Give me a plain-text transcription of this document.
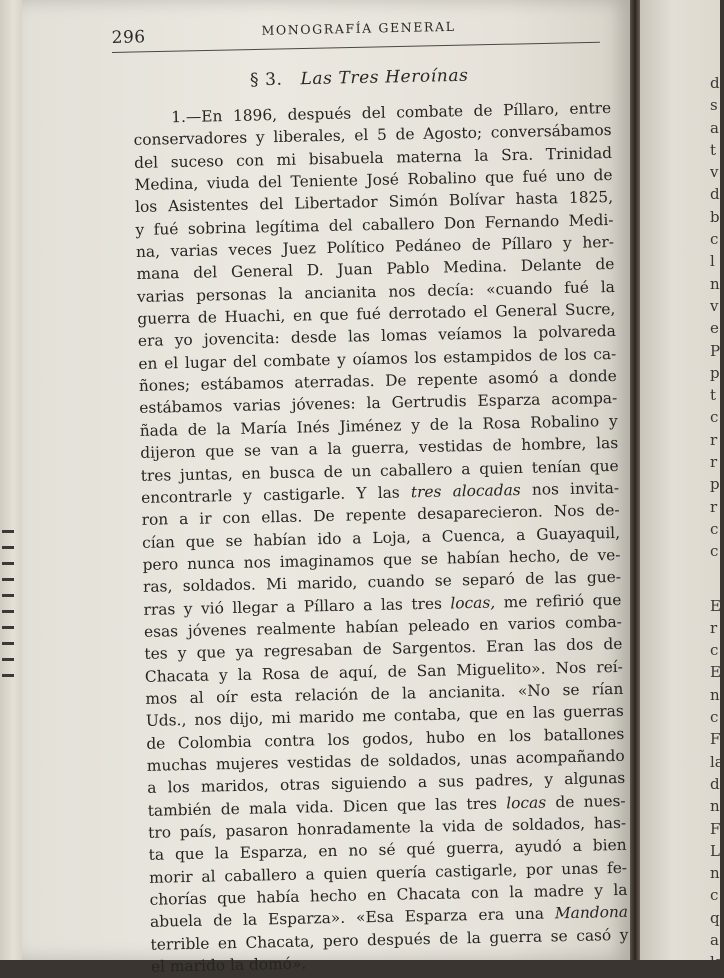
296	MONOGRAFÍA GENERAL
§ 3. Las Tres Heroínas
1.—En 1896, después del combate de Píllaro, entre
conservadores y liberales, el 5 de Agosto; conversábamos
del suceso con mi bisabuela materna la Sra. Trinidad
Medina, viuda del Teniente José Robalino que fué uno de
los Asistentes del Libertador Simón Bolívar hasta 1825,
y fué sobrina legítima del caballero Don Fernando Medi-
na, varias veces Juez Político Pedáneo de Píllaro y her-
mana del General D. Juan Pablo Medina. Delante de
varias personas la ancianita nos decía: «cuando fué la
guerra de Huachi, en que fué derrotado el General Sucre,
era yo jovencita: desde las lomas veíamos la polvareda
en el lugar del combate y oíamos los estampidos de los ca-
ñones; estábamos aterradas. De repente asomó a donde
estábamos varias jóvenes: la Gertrudis Esparza acompa-
ñada de la María Inés Jiménez y de la Rosa Robalino y
dijeron que se van a la guerra, vestidas de hombre, las
tres juntas, en busca de un caballero a quien tenían que
encontrarle y castigarle. Y las tres alocadas nos invita-
ron a ir con ellas. De repente desaparecieron. Nos de-
cían que se habían ido a Loja, a Cuenca, a Guayaquil,
pero nunca nos imaginamos que se habían hecho, de ve-
ras, soldados. Mi marido, cuando se separó de las gue-
rras y vió llegar a Píllaro a las tres locas, me refirió que
esas jóvenes realmente habían peleado en varios comba-
tes y que ya regresaban de Sargentos. Eran las dos de
Chacata y la Rosa de aquí, de San Miguelito». Nos reí-
mos al oír esta relación de la ancianita. «No se rían
Uds., nos dijo, mi marido me contaba, que en las guerras
de Colombia contra los godos, hubo en los batallones
muchas mujeres vestidas de soldados, unas acompañando
a los maridos, otras siguiendo a sus padres, y algunas
también de mala vida. Dicen que las tres locas de nues-
tro país, pasaron honradamente la vida de soldados, has-
ta que la Esparza, en no sé qué guerra, ayudó a bien
morir al caballero a quien quería castigarle, por unas fe-
chorías que había hecho en Chacata con la madre y la
abuela de la Esparza». «Esa Esparza era una Mandona
terrible en Chacata, pero después de la guerra se casó y
el marido la domó».
d
s
a
t
v
d
b
c
l
n
v
e
P
p
t
c
r
r
p
r
c
c
E
r
c
E
n
c
F
la
d
n
F
L
n
c
q
a
la
